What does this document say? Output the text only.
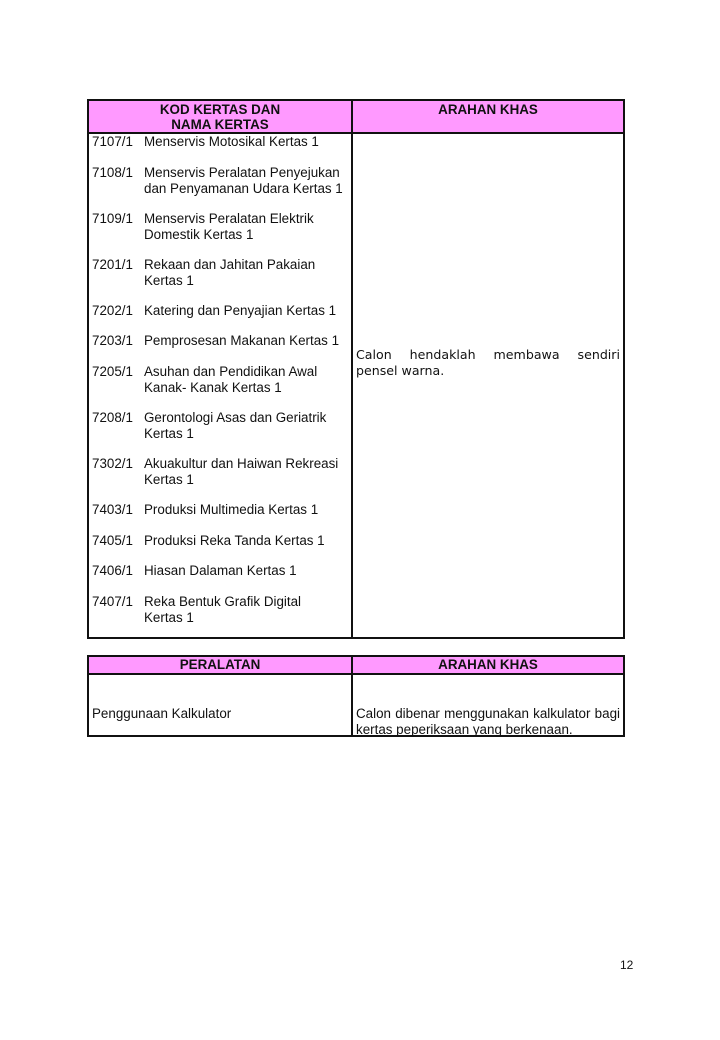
KOD KERTAS DAN
NAMA KERTAS
ARAHAN KHAS
7107/1 Menservis Motosikal Kertas 1
7108/1 Menservis Peralatan Penyejukan
dan Penyamanan Udara Kertas 1
7109/1 Menservis Peralatan Elektrik
Domestik Kertas 1
7201/1 Rekaan dan Jahitan Pakaian
Kertas 1
7202/1 Katering dan Penyajian Kertas 1
7203/1 Pemprosesan Makanan Kertas 1
7205/1 Asuhan dan Pendidikan Awal
Kanak- Kanak Kertas 1
7208/1 Gerontologi Asas dan Geriatrik
Kertas 1
7302/1 Akuakultur dan Haiwan Rekreasi
Kertas 1
7403/1 Produksi Multimedia Kertas 1
7405/1 Produksi Reka Tanda Kertas 1
7406/1 Hiasan Dalaman Kertas 1
7407/1 Reka Bentuk Grafik Digital
Kertas 1
Calon hendaklah membawa sendiri pensel warna.
PERALATAN	ARAHAN KHAS
Penggunaan Kalkulator	Calon dibenar menggunakan kalkulator bagi kertas peperiksaan yang berkenaan.
12
